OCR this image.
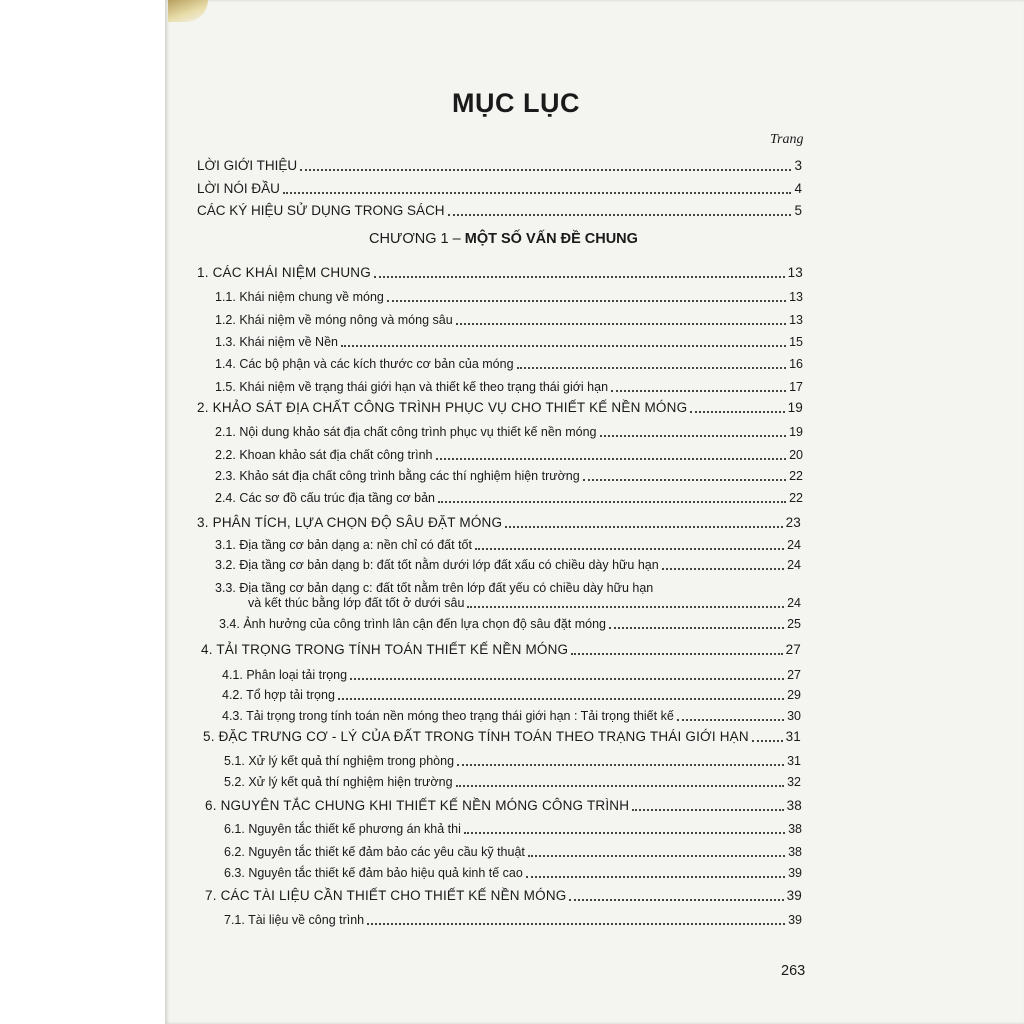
MỤC LỤC
Trang
LỜI GIỚI THIỆU	3
LỜI NÓI ĐẦU	4
CÁC KÝ HIỆU SỬ DỤNG TRONG SÁCH	5
CHƯƠNG 1 – MỘT SỐ VẤN ĐỀ CHUNG
1. CÁC KHÁI NIỆM CHUNG	13
1.1. Khái niệm chung về móng	13
1.2. Khái niệm về móng nông và móng sâu	13
1.3. Khái niệm về Nền	15
1.4. Các bộ phận và các kích thước cơ bản của móng	16
1.5. Khái niệm về trạng thái giới hạn và thiết kế theo trạng thái giới hạn	17
2. KHẢO SÁT ĐỊA CHẤT CÔNG TRÌNH PHỤC VỤ CHO THIẾT KẾ NỀN MÓNG	19
2.1. Nội dung khảo sát địa chất công trình phục vụ thiết kế nền móng	19
2.2. Khoan khảo sát địa chất công trình	20
2.3. Khảo sát địa chất công trình bằng các thí nghiệm hiện trường	22
2.4. Các sơ đồ cấu trúc địa tầng cơ bản	22
3. PHÂN TÍCH, LỰA CHỌN ĐỘ SÂU ĐẶT MÓNG	23
3.1. Địa tầng cơ bản dạng a: nền chỉ có đất tốt	24
3.2. Địa tầng cơ bản dạng b: đất tốt nằm dưới lớp đất xấu có chiều dày hữu hạn	24
3.3. Địa tầng cơ bản dạng c: đất tốt nằm trên lớp đất yếu có chiều dày hữu hạn
và kết thúc bằng lớp đất tốt ở dưới sâu	24
3.4. Ảnh hưởng của công trình lân cận đến lựa chọn độ sâu đặt móng	25
4. TẢI TRỌNG TRONG TÍNH TOÁN THIẾT KẾ NỀN MÓNG	27
4.1. Phân loại tải trọng	27
4.2. Tổ hợp tải trọng	29
4.3. Tải trọng trong tính toán nền móng theo trạng thái giới hạn : Tải trọng thiết kế	30
5. ĐẶC TRƯNG CƠ - LÝ CỦA ĐẤT TRONG TÍNH TOÁN THEO TRẠNG THÁI GIỚI HẠN	31
5.1. Xử lý kết quả thí nghiệm trong phòng	31
5.2. Xử lý kết quả thí nghiệm hiện trường	32
6. NGUYÊN TẮC CHUNG KHI THIẾT KẾ NỀN MÓNG CÔNG TRÌNH	38
6.1. Nguyên tắc thiết kế phương án khả thi	38
6.2. Nguyên tắc thiết kế đảm bảo các yêu cầu kỹ thuật	38
6.3. Nguyên tắc thiết kế đảm bảo hiệu quả kinh tế cao	39
7. CÁC TÀI LIỆU CẦN THIẾT CHO THIẾT KẾ NỀN MÓNG	39
7.1. Tài liệu về công trình	39
263
